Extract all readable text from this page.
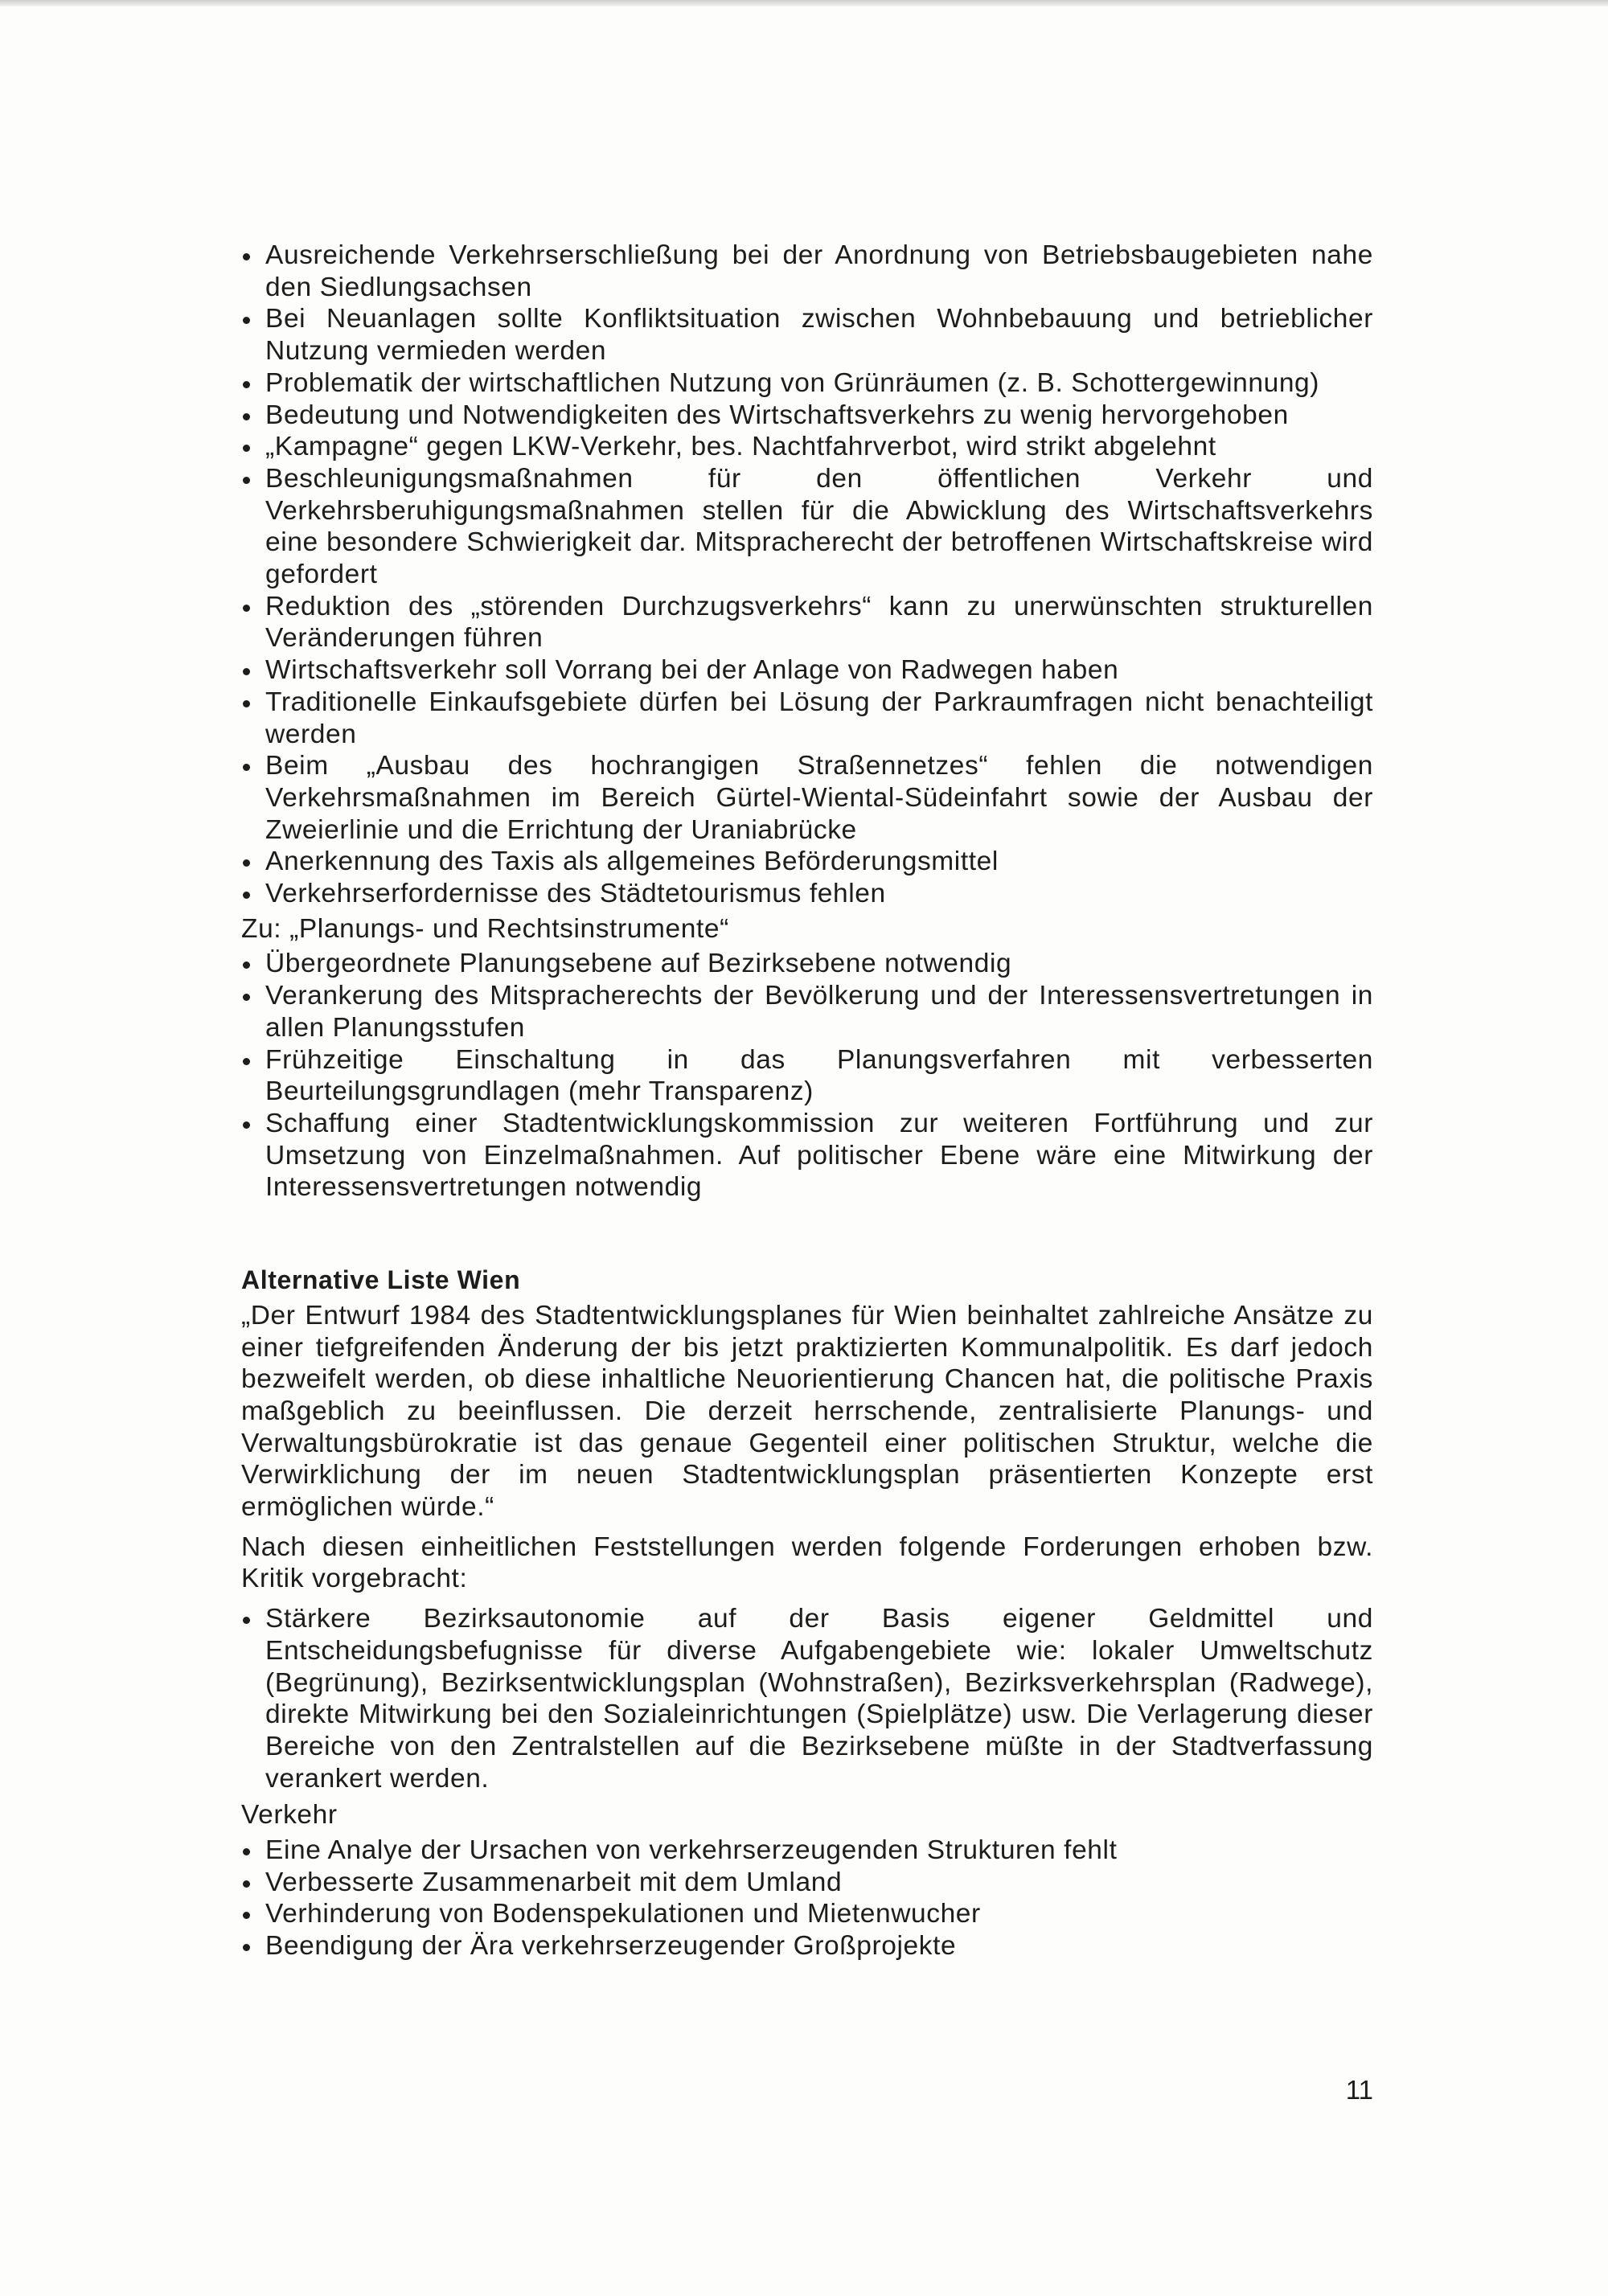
Ausreichende Verkehrserschließung bei der Anordnung von Betriebsbaugebieten nahe den Siedlungsachsen
Bei Neuanlagen sollte Konfliktsituation zwischen Wohnbebauung und betrieblicher Nutzung vermieden werden
Problematik der wirtschaftlichen Nutzung von Grünräumen (z. B. Schottergewinnung)
Bedeutung und Notwendigkeiten des Wirtschaftsverkehrs zu wenig hervorgehoben
„Kampagne“ gegen LKW-Verkehr, bes. Nachtfahrverbot, wird strikt abgelehnt
Beschleunigungsmaßnahmen für den öffentlichen Verkehr und Verkehrsberuhigungsmaßnahmen stellen für die Abwicklung des Wirtschaftsverkehrs eine besondere Schwierigkeit dar. Mitspracherecht der betroffenen Wirtschaftskreise wird gefordert
Reduktion des „störenden Durchzugsverkehrs“ kann zu unerwünschten strukturellen Veränderungen führen
Wirtschaftsverkehr soll Vorrang bei der Anlage von Radwegen haben
Traditionelle Einkaufsgebiete dürfen bei Lösung der Parkraumfragen nicht benachteiligt werden
Beim „Ausbau des hochrangigen Straßennetzes“ fehlen die notwendigen Verkehrsmaßnahmen im Bereich Gürtel-Wiental-Südeinfahrt sowie der Ausbau der Zweierlinie und die Errichtung der Uraniabrücke
Anerkennung des Taxis als allgemeines Beförderungsmittel
Verkehrserfordernisse des Städtetourismus fehlen
Zu: „Planungs- und Rechtsinstrumente“
Übergeordnete Planungsebene auf Bezirksebene notwendig
Verankerung des Mitspracherechts der Bevölkerung und der Interessensvertretungen in allen Planungsstufen
Frühzeitige Einschaltung in das Planungsverfahren mit verbesserten Beurteilungsgrundlagen (mehr Transparenz)
Schaffung einer Stadtentwicklungskommission zur weiteren Fortführung und zur Umsetzung von Einzelmaßnahmen. Auf politischer Ebene wäre eine Mitwirkung der Interessensvertretungen notwendig
Alternative Liste Wien

„Der Entwurf 1984 des Stadtentwicklungsplanes für Wien beinhaltet zahlreiche Ansätze zu einer tiefgreifenden Änderung der bis jetzt praktizierten Kommunalpolitik. Es darf jedoch bezweifelt werden, ob diese inhaltliche Neuorientierung Chancen hat, die politische Praxis maßgeblich zu beeinflussen. Die derzeit herrschende, zentralisierte Planungs- und Verwaltungsbürokratie ist das genaue Gegenteil einer politischen Struktur, welche die Verwirklichung der im neuen Stadtentwicklungsplan präsentierten Konzepte erst ermöglichen würde.“

Nach diesen einheitlichen Feststellungen werden folgende Forderungen erhoben bzw. Kritik vorgebracht:

Stärkere Bezirksautonomie auf der Basis eigener Geldmittel und Entscheidungsbefugnisse für diverse Aufgabengebiete wie: lokaler Umweltschutz (Begrünung), Bezirksentwicklungsplan (Wohnstraßen), Bezirksverkehrsplan (Radwege), direkte Mitwirkung bei den Sozialeinrichtungen (Spielplätze) usw. Die Verlagerung dieser Bereiche von den Zentralstellen auf die Bezirksebene müßte in der Stadtverfassung verankert werden.
Verkehr
Eine Analye der Ursachen von verkehrserzeugenden Strukturen fehlt
Verbesserte Zusammenarbeit mit dem Umland
Verhinderung von Bodenspekulationen und Mietenwucher
Beendigung der Ära verkehrserzeugender Großprojekte
11
